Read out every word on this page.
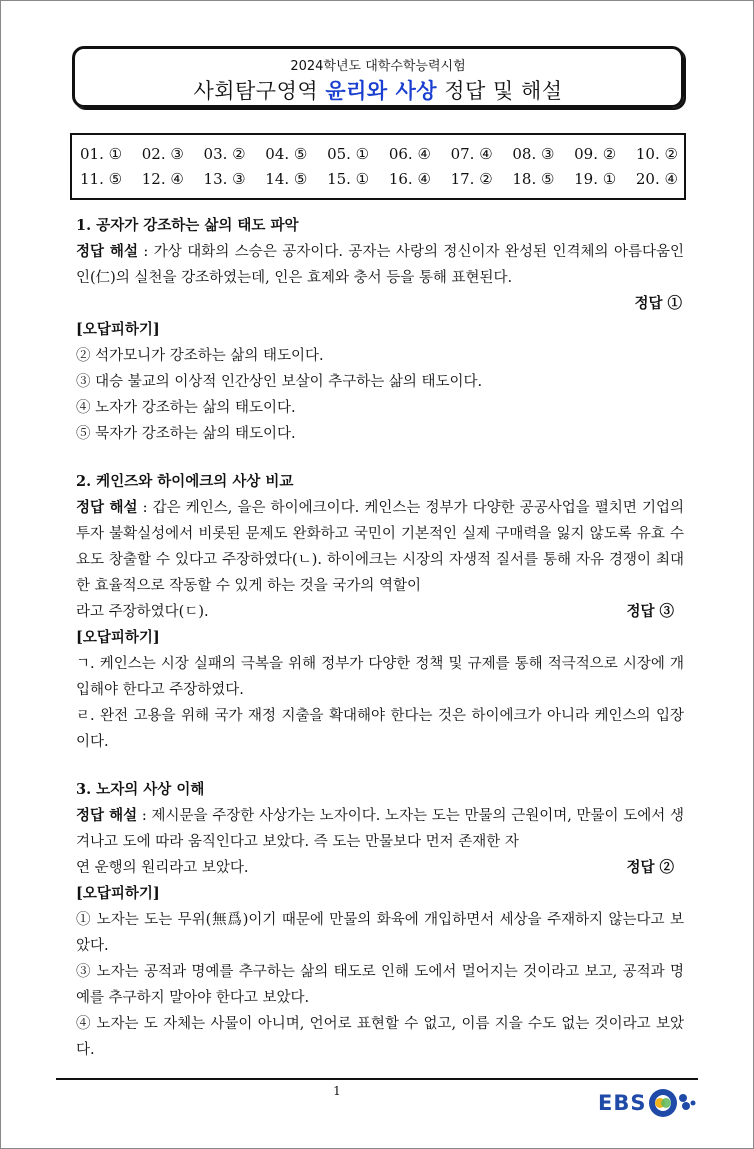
2024학년도 대학수학능력시험
사회탐구영역 윤리와 사상 정답 및 해설
01. ① 02. ③ 03. ② 04. ⑤ 05. ① 06. ④ 07. ④ 08. ③ 09. ② 10. ②
11. ⑤ 12. ④ 13. ③ 14. ⑤ 15. ① 16. ④ 17. ② 18. ⑤ 19. ① 20. ④
1. 공자가 강조하는 삶의 태도 파악
정답 해설 : 가상 대화의 스승은 공자이다. 공자는 사랑의 정신이자 완성된 인격체의 아름다움인 인(仁)의 실천을 강조하였는데, 인은 효제와 충서 등을 통해 표현된다.
정답 ①
[오답피하기]
② 석가모니가 강조하는 삶의 태도이다.
③ 대승 불교의 이상적 인간상인 보살이 추구하는 삶의 태도이다.
④ 노자가 강조하는 삶의 태도이다.
⑤ 묵자가 강조하는 삶의 태도이다.
2. 케인즈와 하이에크의 사상 비교
정답 해설 : 갑은 케인스, 을은 하이에크이다. 케인스는 정부가 다양한 공공사업을 펼치면 기업의 투자 불확실성에서 비롯된 문제도 완화하고 국민이 기본적인 실제 구매력을 잃지 않도록 유효 수요도 창출할 수 있다고 주장하였다(ㄴ). 하이에크는 시장의 자생적 질서를 통해 자유 경쟁이 최대한 효율적으로 작동할 수 있게 하는 것을 국가의 역할이
라고 주장하였다(ㄷ).	정답 ③
[오답피하기]
ㄱ. 케인스는 시장 실패의 극복을 위해 정부가 다양한 정책 및 규제를 통해 적극적으로 시장에 개입해야 한다고 주장하였다.
ㄹ. 완전 고용을 위해 국가 재정 지출을 확대해야 한다는 것은 하이에크가 아니라 케인스의 입장이다.
3. 노자의 사상 이해
정답 해설 : 제시문을 주장한 사상가는 노자이다. 노자는 도는 만물의 근원이며, 만물이 도에서 생겨나고 도에 따라 움직인다고 보았다. 즉 도는 만물보다 먼저 존재한 자
연 운행의 원리라고 보았다.	정답 ②
[오답피하기]
① 노자는 도는 무위(無爲)이기 때문에 만물의 화육에 개입하면서 세상을 주재하지 않는다고 보았다.
③ 노자는 공적과 명예를 추구하는 삶의 태도로 인해 도에서 멀어지는 것이라고 보고, 공적과 명예를 추구하지 말아야 한다고 보았다.
④ 노자는 도 자체는 사물이 아니며, 언어로 표현할 수 없고, 이름 지을 수도 없는 것이라고 보았다.
1	EBS
